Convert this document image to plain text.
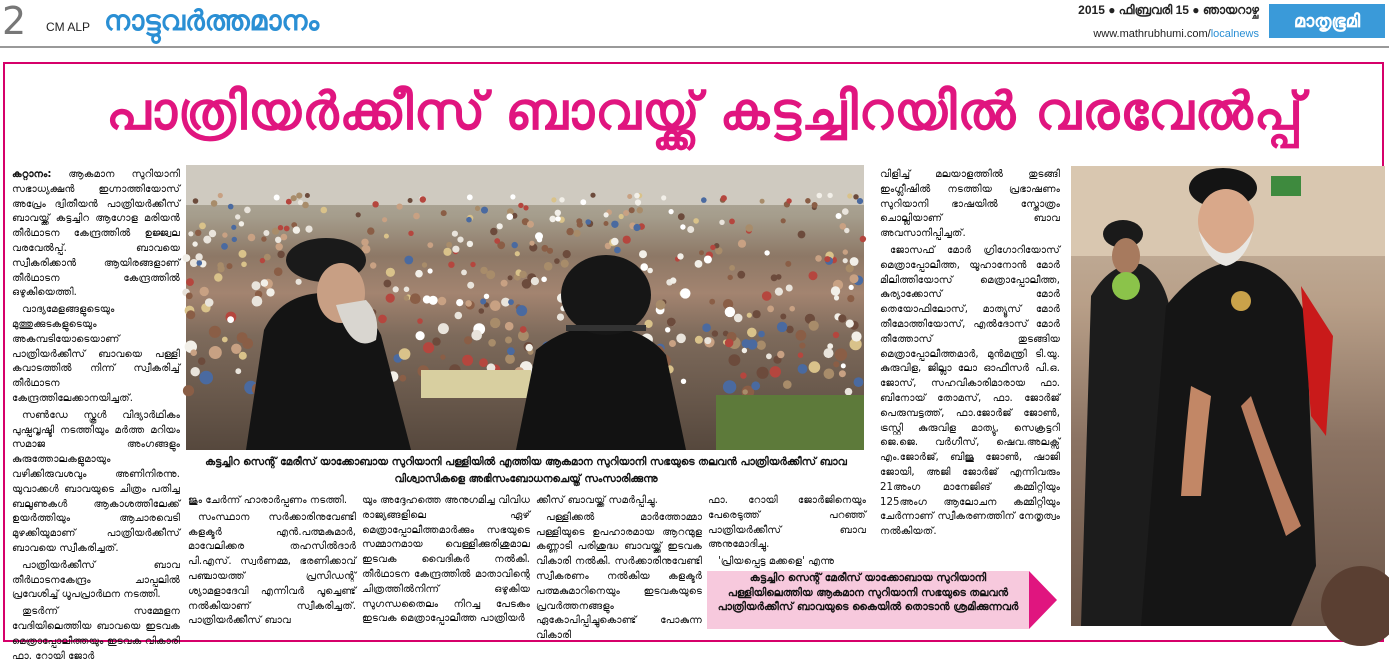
2 CM ALP നാട്ടുവർത്തമാനം	2015 ● ഫിബ്രവരി 15 ● ഞായറാഴ്ച
www.mathrubhumi.com/localnews
മാതൃഭൂമി
പാത്രിയർക്കീസ് ബാവയ്ക്ക് കട്ടച്ചിറയിൽ വരവേൽപ്പ്

കറ്റാനം: ആകമാന സുറിയാനി സഭാധ്യക്ഷൻ ഇഗ്നാത്തിയോസ് അപ്രേം ദ്വിതീയൻ പാത്രിയർക്കീസ് ബാവയ്ക്ക് കട്ടച്ചിറ ആഗോള മരിയൻ തീർഥാടന കേന്ദ്രത്തിൽ ഉജ്ജ്വല വരവേൽപ്പ്. ബാവയെ സ്വീകരിക്കാൻ ആയിരങ്ങളാണ് തീർഥാടന കേന്ദ്രത്തിൽ ഒഴുകിയെത്തി.

വാദ്യമേളങ്ങളുടെയും മുത്തുക്കുടകളുടെയും അകമ്പടിയോടെയാണ് പാത്രിയർക്കീസ് ബാവയെ പള്ളി കവാടത്തിൽ നിന്ന് സ്വീകരിച്ച് തീർഥാടന കേന്ദ്രത്തിലേക്കാനയിച്ചത്.

സൺഡേ സ്കൂൾ വിദ്യാർഥികം പുഷ്പവൃഷ്ടി നടത്തിയും മർത്ത മറിയം സമാജ അംഗങ്ങളും കുരുത്തോലകളുമായും വഴിക്കിരുവശവും അണിനിരന്നു. യുവാക്കൾ ബാവയുടെ ചിത്രം പതിച്ച ബലൂണുകൾ ആകാശത്തിലേക്ക് ഉയർത്തിയും ആചാരവെടി മുഴക്കിയുമാണ് പാത്രിയർക്കീസ് ബാവയെ സ്വീകരിച്ചത്.

പാത്രിയർക്കീസ് ബാവ തീർഥാടനകേന്ദ്രം ചാപ്പലിൽ പ്രവേശിച്ച് ധൂപപ്രാർഥന നടത്തി.

തുടർന്ന് സമ്മേളന വേദിയിലെത്തിയ ബാവയെ ഇടവക മെത്രാപ്പോലീത്തയും ഇടവക വികാരി ഫാ. റോയി ജോർ

കട്ടച്ചിറ സെന്റ് മേരീസ് യാക്കോബായ സുറിയാനി പള്ളിയിൽ എത്തിയ ആകമാന സുറിയാനി സഭയുടെ തലവൻ പാത്രിയർക്കീസ് ബാവ വിശ്വാസികളെ അഭിസംബോധനചെയ്ത് സംസാരിക്കുന്നു

ജും ചേർന്ന് ഹാരാർപ്പണം നടത്തി.

സംസ്ഥാന സർക്കാരിനുവേണ്ടി കളക്ടർ എൻ.പത്മകുമാർ, മാവേലിക്കര തഹസിൽദാർ പി.എസ്. സ്വർണമ്മ, ഭരണിക്കാവ് പഞ്ചായത്ത് പ്രസിഡന്റ് ശ്യാമളാദേവി എന്നിവർ പൂച്ചെണ്ട് നൽകിയാണ് സ്വീകരിച്ചത്. പാത്രിയർക്കീസ് ബാവ

യും അദ്ദേഹത്തെ അനുഗമിച്ച വിവിധ രാജ്യങ്ങളിലെ ഏഴ് മെത്രാപ്പോലീത്തമാർക്കും സഭയുടെ സമ്മാനമായ വെള്ളിക്കുരിശുമാല ഇടവക വൈദികർ നൽകി. തീർഥാടന കേന്ദ്രത്തിൽ മാതാവിന്റെ ചിത്രത്തിൽനിന്ന് ഒഴുകിയ സുഗന്ധതൈലം നിറച്ച പേടകം ഇടവക മെത്രാപ്പോലീത്ത പാത്രിയർ

ക്കീസ് ബാവയ്ക്ക് സമർപ്പിച്ചു.

പള്ളിക്കൽ മാർത്തോമ്മാ പള്ളിയുടെ ഉപഹാരമായ ആറന്മുള കണ്ണാടി പരിശുദ്ധ ബാവയ്ക്ക് ഇടവക വികാരി നൽകി. സർക്കാരിനുവേണ്ടി സ്വീകരണം നൽകിയ കളക്ടർ പത്മകുമാറിനെയും ഇടവകയുടെ പ്രവർത്തനങ്ങളും ഏകോപിപ്പിച്ചുകൊണ്ട് പോകുന്ന വികാരി

ഫാ. റോയി ജോർജിനെയും പേരെടുത്ത് പറഞ്ഞ് പാത്രിയർക്കീസ് ബാവ അനുമോദിച്ചു.

'പ്രിയപ്പെട്ട മക്കളെ' എന്നു

വിളിച്ച് മലയാളത്തിൽ തുടങ്ങി ഇംഗ്ലീഷിൽ നടത്തിയ പ്രഭാഷണം സുറിയാനി ഭാഷയിൽ സ്തോത്രം ചൊല്ലിയാണ് ബാവ അവസാനിപ്പിച്ചത്.

ജോസഫ് മോർ ഗ്രിഗോറിയോസ് മെത്രാപ്പോലീത്ത, യൂഹാനോൻ മോർ മിലിത്തിയോസ് മെത്രാപ്പോലീത്ത, കുര്യാക്കോസ് മോർ തെയോഫിലോസ്, മാത്യൂസ് മോർ തീമോത്തിയോസ്, എൽദോസ് മോർ തീത്തോസ് തുടങ്ങിയ മെത്രാപ്പോലീത്തമാർ, മുൻമന്ത്രി ടി.യു. കുരുവിള, ജില്ലാ ലോ ഓഫീസർ പി.ഒ. ജോസ്, സഹവികാരിമാരായ ഫാ. ബിനോയ് തോമസ്, ഫാ. ജോർജ് പെരുമ്പട്ടത്ത്, ഫാ.ജോർജ് ജോൺ, ട്രസ്റ്റി കുരുവിള മാത്യു, സെക്രട്ടറി ജെ.ജെ. വർഗീസ്, ഷെവ.അലക്സ് എം.ജോർജ്, ബിജു ജോൺ, ഷാജി ജോയി, അജി ജോർജ് എന്നിവരും 21അംഗ മാനേജിങ് കമ്മിറ്റിയും 125അംഗ ആലോചന കമ്മിറ്റിയും ചേർന്നാണ് സ്വീകരണത്തിന് നേതൃത്വം നൽകിയത്.

കട്ടച്ചിറ സെന്റ് മേരീസ് യാക്കോബായ സുറിയാനി പള്ളിയിലെത്തിയ ആകമാന സുറിയാനി സഭയുടെ തലവൻ പാത്രിയർക്കീസ് ബാവയുടെ കൈയിൽ തൊടാൻ ശ്രമിക്കുന്നവർ
